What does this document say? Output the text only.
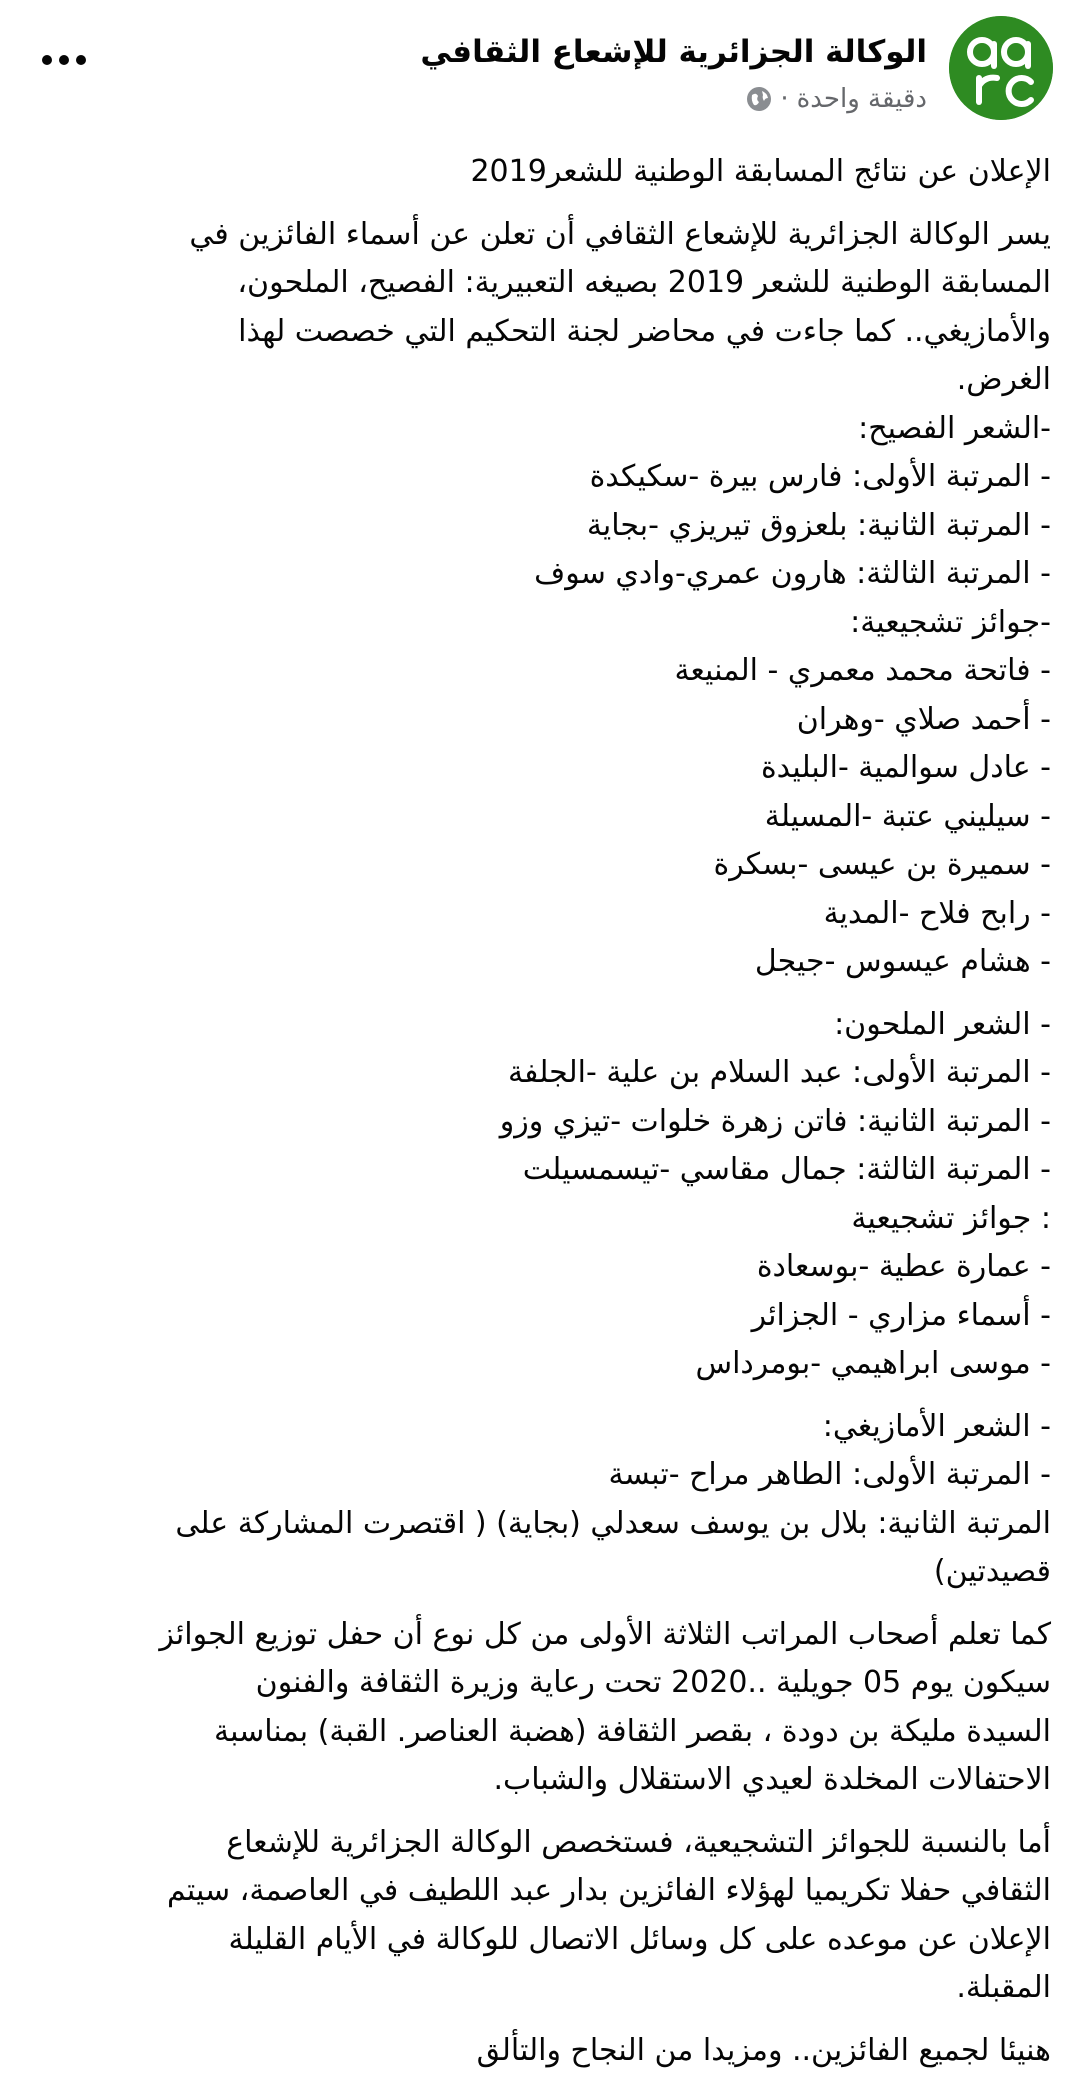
الوكالة الجزائرية للإشعاع الثقافي
دقيقة واحدة
·

الإعلان عن نتائج المسابقة الوطنية للشعر2019

يسر الوكالة الجزائرية للإشعاع الثقافي أن تعلن عن أسماء الفائزين في
المسابقة الوطنية للشعر 2019 بصيغه التعبيرية: الفصيح، الملحون،
والأمازيغي.. كما جاءت في محاضر لجنة التحكيم التي خصصت لهذا
الغرض.
-الشعر الفصيح:
- المرتبة الأولى: فارس بيرة -سكيكدة
- المرتبة الثانية: بلعزوق تيريزي -بجاية
- المرتبة الثالثة: هارون عمري-وادي سوف
-جوائز تشجيعية:
- فاتحة محمد معمري - المنيعة
- أحمد صلاي -وهران
- عادل سوالمية -البليدة
- سيليني عتبة -المسيلة
- سميرة بن عيسى -بسكرة
- رابح فلاح -المدية
- هشام عيسوس -جيجل

- الشعر الملحون:
- المرتبة الأولى: عبد السلام بن علية -الجلفة
- المرتبة الثانية: فاتن زهرة خلوات -تيزي وزو
- المرتبة الثالثة: جمال مقاسي -تيسمسيلت
: جوائز تشجيعية
- عمارة عطية -بوسعادة
- أسماء مزاري - الجزائر
- موسى ابراهيمي -بومرداس

- الشعر الأمازيغي:
- المرتبة الأولى: الطاهر مراح -تبسة
المرتبة الثانية: بلال بن يوسف سعدلي (بجاية) ( اقتصرت المشاركة على
قصيدتين)

كما تعلم أصحاب المراتب الثلاثة الأولى من كل نوع أن حفل توزيع الجوائز
سيكون يوم 05 جويلية ..2020 تحت رعاية وزيرة الثقافة والفنون
السيدة مليكة بن دودة ، بقصر الثقافة (هضبة العناصر. القبة) بمناسبة
الاحتفالات المخلدة لعيدي الاستقلال والشباب.

أما بالنسبة للجوائز التشجيعية، فستخصص الوكالة الجزائرية للإشعاع
الثقافي حفلا تكريميا لهؤلاء الفائزين بدار عبد اللطيف في العاصمة، سيتم
الإعلان عن موعده على كل وسائل الاتصال للوكالة في الأيام القليلة
المقبلة.

هنيئا لجميع الفائزين.. ومزيدا من النجاح والتألق
